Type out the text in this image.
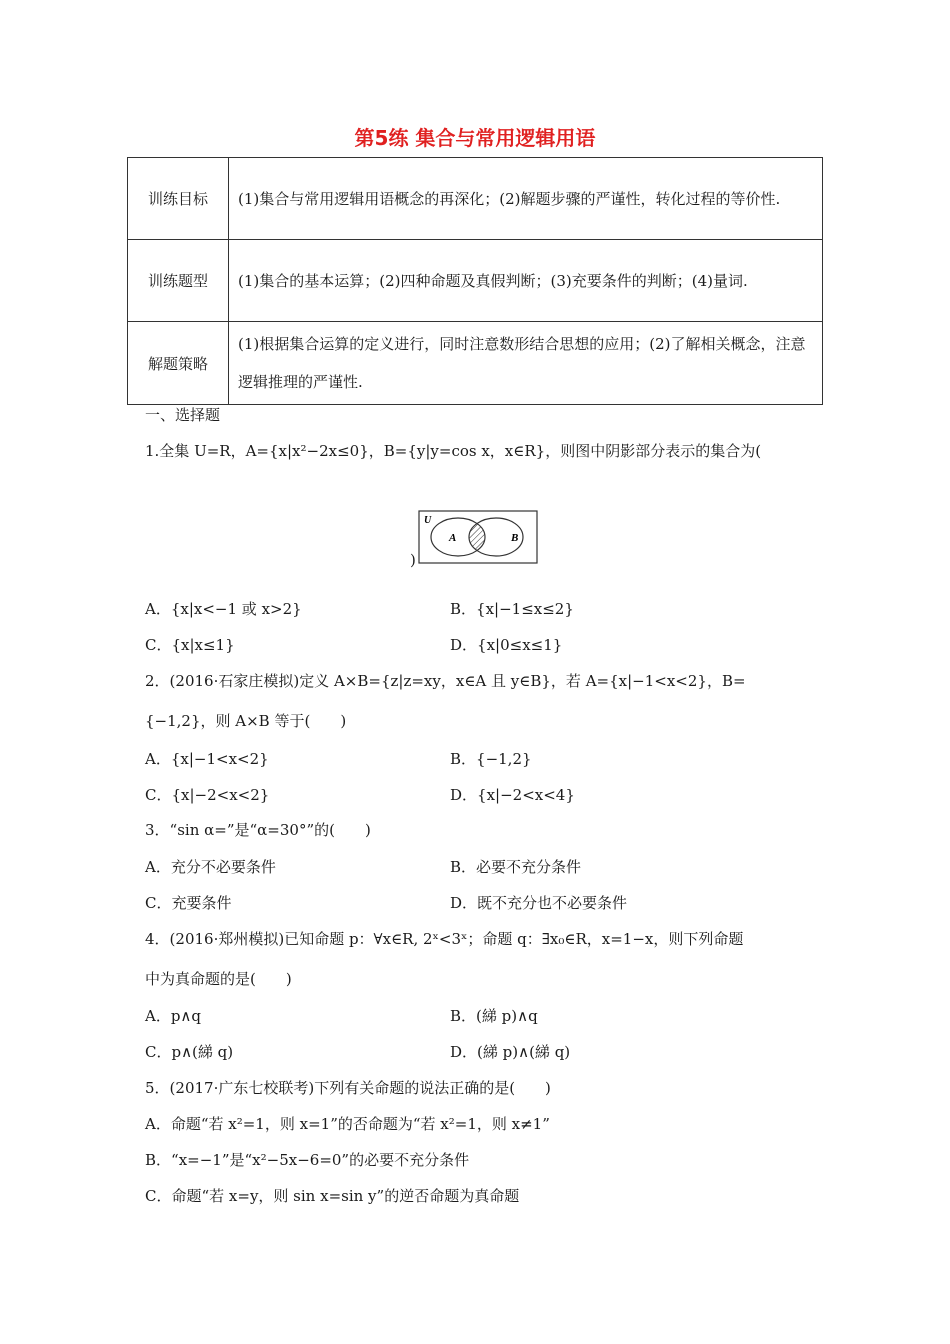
第5练 集合与常用逻辑用语
训练目标	(1)集合与常用逻辑用语概念的再深化；(2)解题步骤的严谨性，转化过程的等价性.
训练题型	(1)集合的基本运算；(2)四种命题及真假判断；(3)充要条件的判断；(4)量词.
解题策略	(1)根据集合运算的定义进行，同时注意数形结合思想的应用；(2)了解相关概念，注意逻辑推理的严谨性.
一、选择题
1.全集 U=R，A={x|x²−2x≤0}，B={y|y=cos x，x∈R}，则图中阴影部分表示的集合为(
U
A	B
)
A．{x|x<−1 或 x>2}	B．{x|−1≤x≤2}
C．{x|x≤1}	D．{x|0≤x≤1}
2．(2016·石家庄模拟)定义 A×B={z|z=xy，x∈A 且 y∈B}，若 A={x|−1<x<2}，B=
{−1,2}，则 A×B 等于(　　)
A．{x|−1<x<2}	B．{−1,2}
C．{x|−2<x<2}	D．{x|−2<x<4}
3．“sin α=”是“α=30°”的(　　)
A．充分不必要条件	B．必要不充分条件
C．充要条件	D．既不充分也不必要条件
4．(2016·郑州模拟)已知命题 p：∀x∈R, 2ˣ<3ˣ；命题 q：∃x₀∈R，x=1−x，则下列命题
中为真命题的是(　　)
A．p∧q	B．(綈 p)∧q
C．p∧(綈 q)	D．(綈 p)∧(綈 q)
5．(2017·广东七校联考)下列有关命题的说法正确的是(　　)
A．命题“若 x²=1，则 x=1”的否命题为“若 x²=1，则 x≠1”
B．“x=−1”是“x²−5x−6=0”的必要不充分条件
C．命题“若 x=y，则 sin x=sin y”的逆否命题为真命题
